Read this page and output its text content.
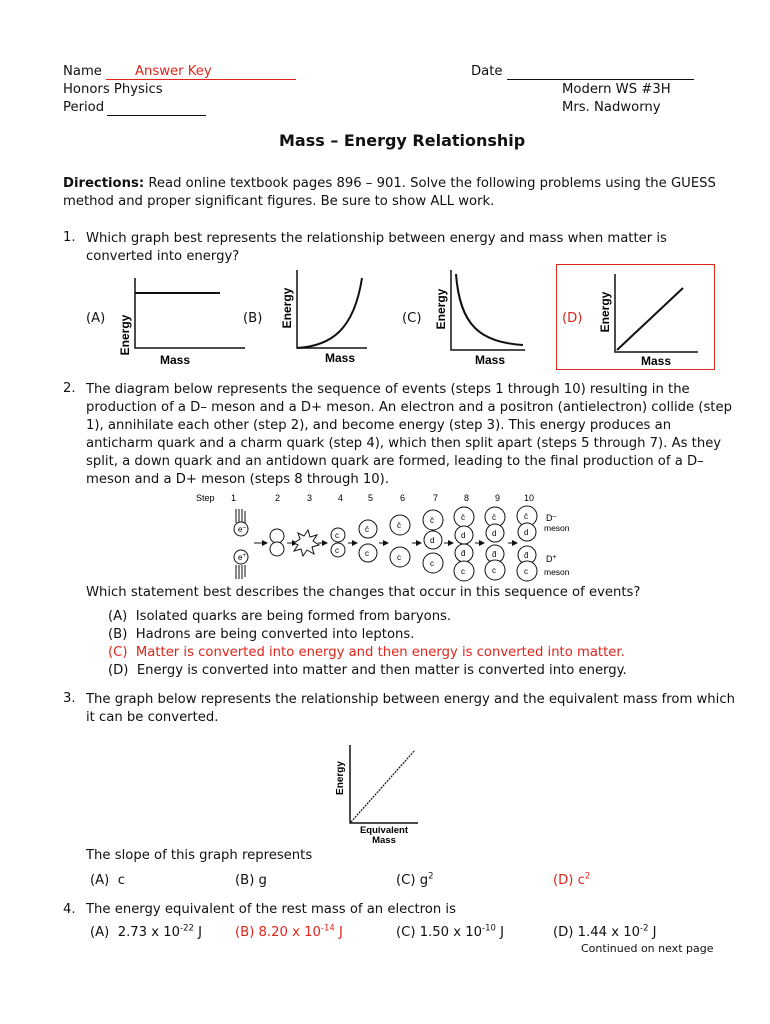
Name	Answer Key	Date
Honors Physics	Modern WS #3H
Period	Mrs. Nadworny
Mass – Energy Relationship
Directions: Read online textbook pages 896 – 901. Solve the following problems using the GUESS
method and proper significant figures. Be sure to show ALL work.
1. Which graph best represents the relationship between energy and mass when matter is
converted into energy?
(A) Energy
Mass
(B) Energy
Mass
(C) Energy
Mass
(D) Energy
Mass
2. The diagram below represents the sequence of events (steps 1 through 10) resulting in the
production of a D– meson and a D+ meson. An electron and a positron (antielectron) collide (step
1), annihilate each other (step 2), and become energy (step 3). This energy produces an
anticharm quark and a charm quark (step 4), which then split apart (steps 5 through 7). As they
split, a down quark and an antidown quark are formed, leading to the final production of a D–
meson and a D+ meson (steps 8 through 10).
Step 1	2	3	4	5	6	7	8	9	10
e–
e+
c
c
c̄
c
c̄
c
c̄
d
c
c̄
d
d̄
c
c̄
d
d̄
c
c̄
d
d̄
c
D–
meson
D+
meson
Which statement best describes the changes that occur in this sequence of events?
(A) Isolated quarks are being formed from baryons.
(B) Hadrons are being converted into leptons.
(C) Matter is converted into energy and then energy is converted into matter.
(D) Energy is converted into matter and then matter is converted into energy.
3. The graph below represents the relationship between energy and the equivalent mass from which
it can be converted.
Energy
Equivalent
Mass
The slope of this graph represents
(A) c	(B) g	(C) $g^2$	(D) $c^2$
4. The energy equivalent of the rest mass of an electron is
(A) 2.73 x $10^{-22}$ J (B) 8.20 x $10^{-14}$ J	(C) 1.50 x $10^{-10}$ J	(D) 1.44 x $10^{-2}$ J
Continued on next page
